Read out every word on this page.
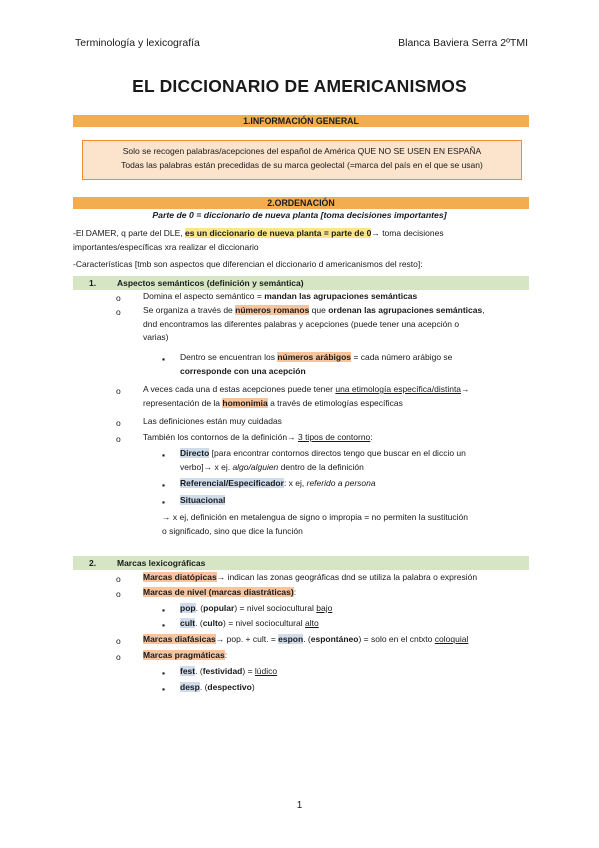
Terminología y lexicografía	Blanca Baviera Serra 2ºTMI
EL DICCIONARIO DE AMERICANISMOS
1.INFORMACIÓN GENERAL
Solo se recogen palabras/acepciones del español de América QUE NO SE USEN EN ESPAÑA
Todas las palabras están precedidas de su marca geolectal (=marca del país en el que se usan)
2.ORDENACIÓN
Parte de 0 = diccionario de nueva planta [toma decisiones importantes]
-El DAMER, q parte del DLE, es un diccionario de nueva planta = parte de 0→ toma decisiones
importantes/específicas xra realizar el diccionario
-Características [tmb son aspectos que diferencian el diccionario d americanismos del resto]:
1. Aspectos semánticos (definición y semántica)
o	Domina el aspecto semántico = mandan las agrupaciones semánticas
o	Se organiza a través de números romanos que ordenan las agrupaciones semánticas,
dnd encontramos las diferentes palabras y acepciones (puede tener una acepción o
varias)
▪ Dentro se encuentran los números arábigos = cada número arábigo se
corresponde con una acepción
o	A veces cada una d estas acepciones puede tener una etimología específica/distinta→
representación de la homonimia a través de etimologías específicas
o	Las definiciones están muy cuidadas
o	También los contornos de la definición→ 3 tipos de contorno:
▪ Directo [para encontrar contornos directos tengo que buscar en el diccio un
verbo]→ x ej. algo/alguien dentro de la definición
▪ Referencial/Especificador: x ej, referido a persona
▪ Situacional
→ x ej, definición en metalengua de signo o impropia = no permiten la sustitución
o significado, sino que dice la función
2. Marcas lexicográficas
o	Marcas diatópicas→ indican las zonas geográficas dnd se utiliza la palabra o expresión
o	Marcas de nivel (marcas diastráticas):
▪ pop. (popular) = nivel sociocultural bajo
▪ cult. (culto) = nivel sociocultural alto
o	Marcas diafásicas→ pop. + cult. = espon. (espontáneo) = solo en el cntxto coloquial
o	Marcas pragmáticas:
▪ fest. (festividad) = lúdico
▪ desp. (despectivo)
1
